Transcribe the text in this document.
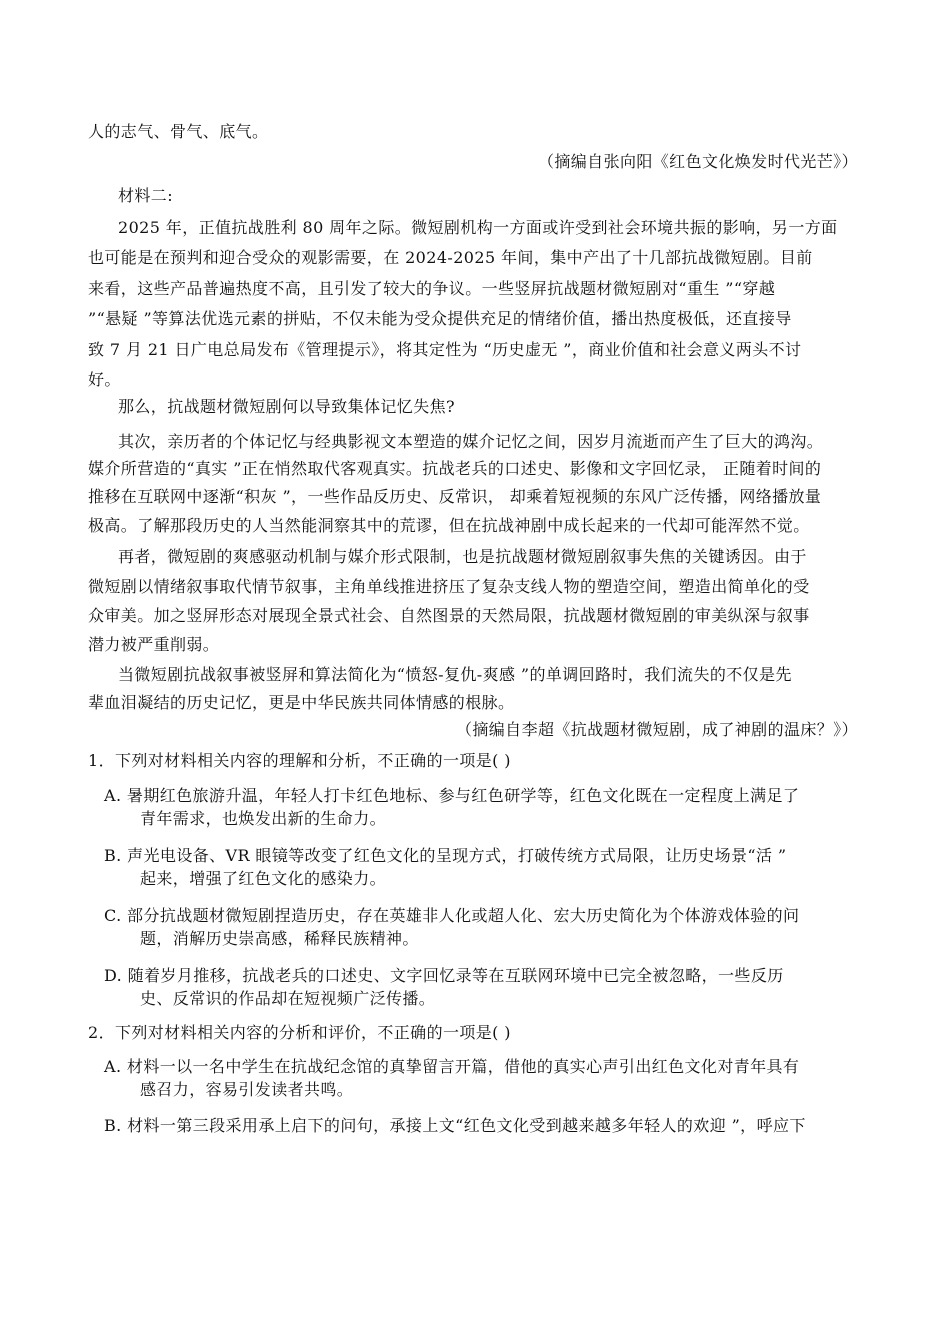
人的志气、骨气、底气。
（摘编自张向阳《红色文化焕发时代光芒》）
材料二:
2025 年，正值抗战胜利 80 周年之际。微短剧机构一方面或许受到社会环境共振的影响，另一方面
也可能是在预判和迎合受众的观影需要，在 2024-2025 年间，集中产出了十几部抗战微短剧。目前
来看，这些产品普遍热度不高，且引发了较大的争议。一些竖屏抗战题材微短剧对“重生 ”“穿越
”“悬疑 ”等算法优选元素的拼贴，不仅未能为受众提供充足的情绪价值，播出热度极低，还直接导
致 7 月 21 日广电总局发布《管理提示》，将其定性为 “历史虚无 ”，商业价值和社会意义两头不讨
好。
那么，抗战题材微短剧何以导致集体记忆失焦?
其次，亲历者的个体记忆与经典影视文本塑造的媒介记忆之间，因岁月流逝而产生了巨大的鸿沟。
媒介所营造的“真实 ”正在悄然取代客观真实。抗战老兵的口述史、影像和文字回忆录， 正随着时间的
推移在互联网中逐渐“积灰 ”，一些作品反历史、反常识， 却乘着短视频的东风广泛传播，网络播放量
极高。了解那段历史的人当然能洞察其中的荒谬，但在抗战神剧中成长起来的一代却可能浑然不觉。
再者，微短剧的爽感驱动机制与媒介形式限制，也是抗战题材微短剧叙事失焦的关键诱因。由于
微短剧以情绪叙事取代情节叙事，主角单线推进挤压了复杂支线人物的塑造空间，塑造出简单化的受
众审美。加之竖屏形态对展现全景式社会、自然图景的天然局限，抗战题材微短剧的审美纵深与叙事
潜力被严重削弱。
当微短剧抗战叙事被竖屏和算法简化为“愤怒-复仇-爽感 ”的单调回路时，我们流失的不仅是先
辈血泪凝结的历史记忆，更是中华民族共同体情感的根脉。
（摘编自李超《抗战题材微短剧，成了神剧的温床？》）
1．下列对材料相关内容的理解和分析，不正确的一项是( )
A. 暑期红色旅游升温，年轻人打卡红色地标、参与红色研学等，红色文化既在一定程度上满足了
青年需求，也焕发出新的生命力。
B. 声光电设备、VR 眼镜等改变了红色文化的呈现方式，打破传统方式局限，让历史场景“活 ”
起来，增强了红色文化的感染力。
C. 部分抗战题材微短剧捏造历史，存在英雄非人化或超人化、宏大历史简化为个体游戏体验的问
题，消解历史崇高感，稀释民族精神。
D. 随着岁月推移，抗战老兵的口述史、文字回忆录等在互联网环境中已完全被忽略，一些反历
史、反常识的作品却在短视频广泛传播。
2．下列对材料相关内容的分析和评价，不正确的一项是( )
A. 材料一以一名中学生在抗战纪念馆的真挚留言开篇，借他的真实心声引出红色文化对青年具有
感召力，容易引发读者共鸣。
B. 材料一第三段采用承上启下的问句，承接上文“红色文化受到越来越多年轻人的欢迎 ”，呼应下
